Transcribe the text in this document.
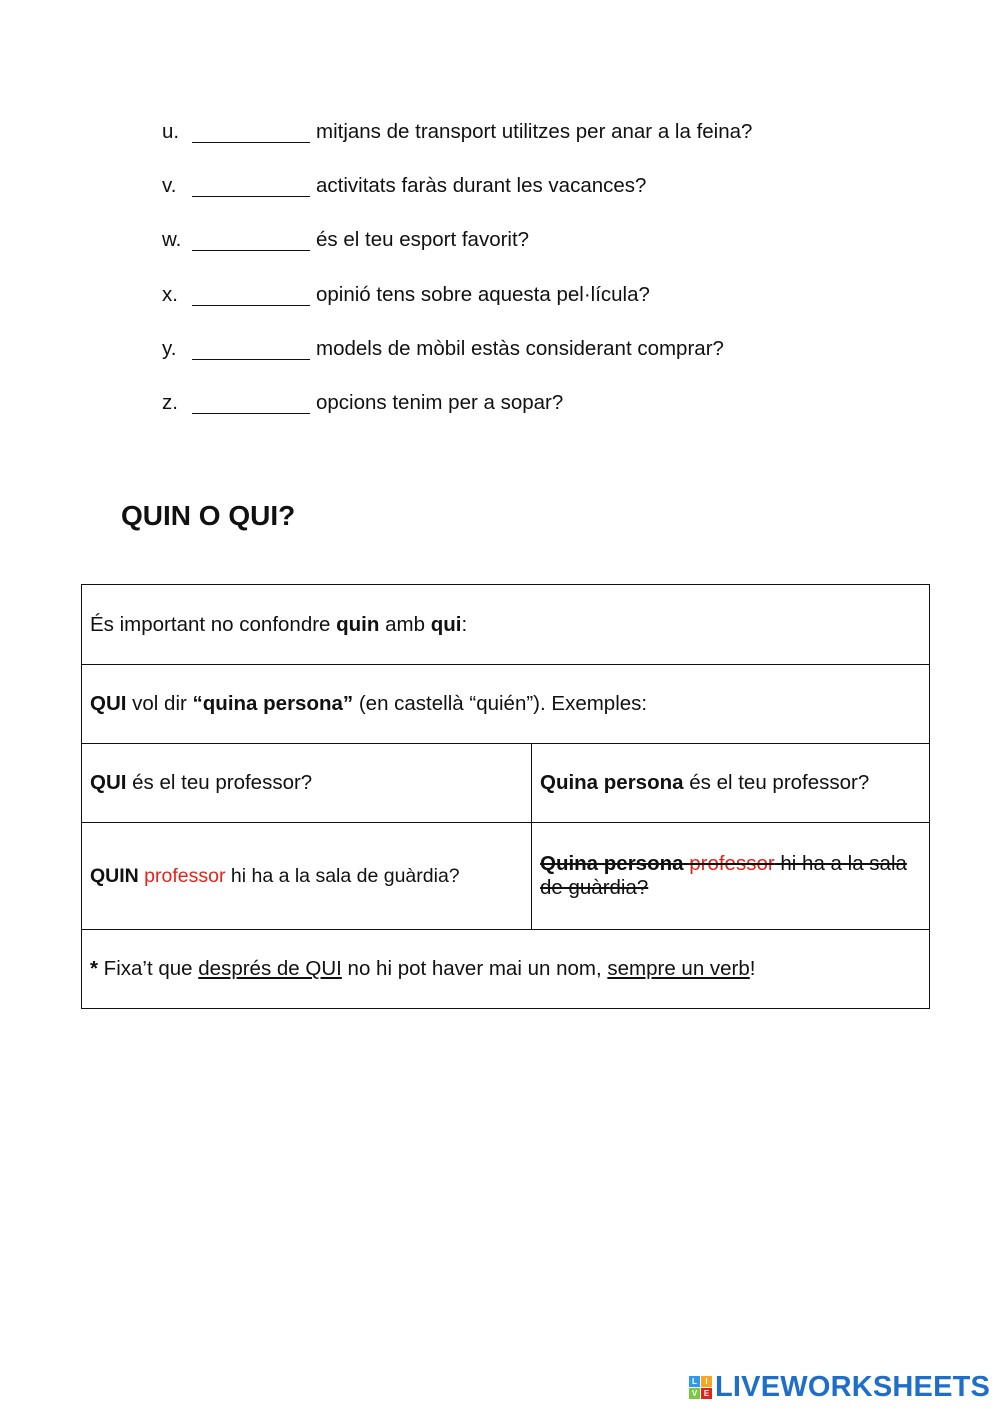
u.	mitjans de transport utilitzes per anar a la feina?
v.	activitats faràs durant les vacances?
w.	és el teu esport favorit?
x.	opinió tens sobre aquesta pel·lícula?
y.	models de mòbil estàs considerant comprar?
z.	opcions tenim per a sopar?
QUIN O QUI?
És important no confondre quin amb qui:	
QUI vol dir “quina persona” (en castellà “quién”). Exemples:	
QUI és el teu professor?	Quina persona és el teu professor?
QUIN professor hi ha a la sala de guàrdia?	Quina persona professor hi ha a la sala de guàrdia?
* Fixa’t que després de QUI no hi pot haver mai un nom, sempre un verb!	
L	I
V E LIVEWORKSHEETS
